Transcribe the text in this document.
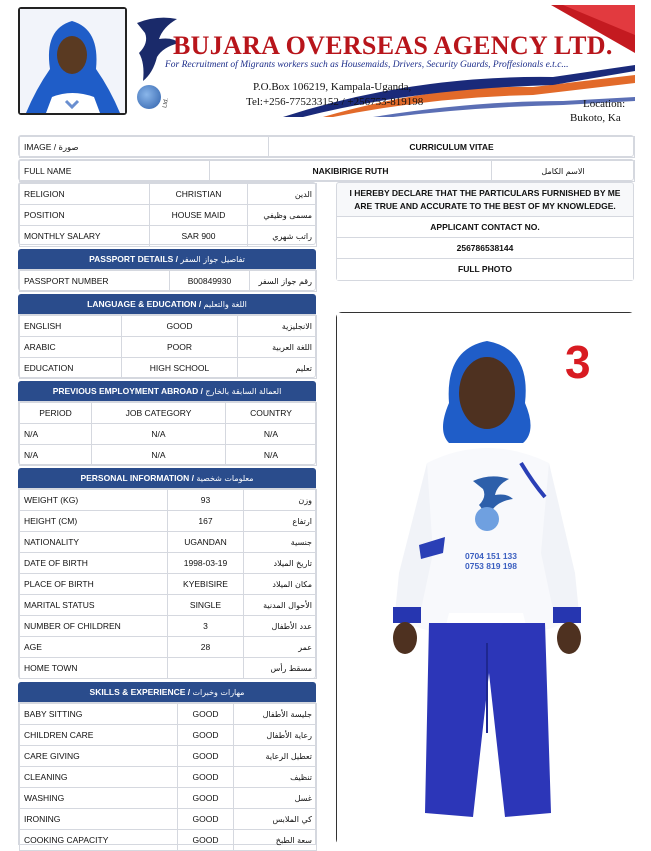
Ltd.
BUJARA OVERSEAS AGENCY LTD.
For Recruitment of Migrants workers such as Housemaids, Drivers, Security Guards, Proffesionals e.t.c...
P.O.Box 106219, Kampala-Uganda,
Tel:+256-775233152 / +256753-819198	Location:
Bukoto, Ka
IMAGE / صورة	CURRICULUM VITAE
FULL NAME	NAKIBIRIGE RUTH	الاسم الكامل
RELIGION	CHRISTIAN	الدين
POSITION	HOUSE MAID	مسمى وظيفي
MONTHLY SALARY	SAR 900	راتب شهري
I HEREBY DECLARE THAT THE PARTICULARS FURNISHED BY ME ARE TRUE AND ACCURATE TO THE BEST OF MY KNOWLEDGE.
APPLICANT CONTACT NO.
256786538144
FULL PHOTO
PASSPORT DETAILS / تفاصيل جواز السفر
PASSPORT NUMBER	B00849930	رقم جواز السفر
LANGUAGE & EDUCATION / اللغة والتعليم
ENGLISH	GOOD	الانجليزية
ARABIC	POOR	اللغة العربية
EDUCATION	HIGH SCHOOL	تعليم
PREVIOUS EMPLOYMENT ABROAD / العمالة السابقة بالخارج
PERIOD	JOB CATEGORY	COUNTRY
N/A	N/A	N/A
N/A	N/A	N/A
PERSONAL INFORMATION / معلومات شخصية
WEIGHT (KG)	93	وزن
HEIGHT (CM)	167	ارتفاع
NATIONALITY	UGANDAN	جنسية
DATE OF BIRTH	1998-03-19	تاريخ الميلاد
PLACE OF BIRTH	KYEBISIRE	مكان الميلاد
MARITAL STATUS	SINGLE	الأحوال المدنية
NUMBER OF CHILDREN	3	عدد الأطفال
AGE	28	عمر
HOME TOWN		مسقط رأس
SKILLS & EXPERIENCE / مهارات وخبرات
BABY SITTING	GOOD	جليسة الأطفال
CHILDREN CARE	GOOD	رعاية الأطفال
CARE GIVING	GOOD	تعطيل الرعاية
CLEANING	GOOD	تنظيف
WASHING	GOOD	غسل
IRONING	GOOD	كي الملابس
COOKING CAPACITY	GOOD	سعة الطبخ
3
0704 151 133
0753 819 198
